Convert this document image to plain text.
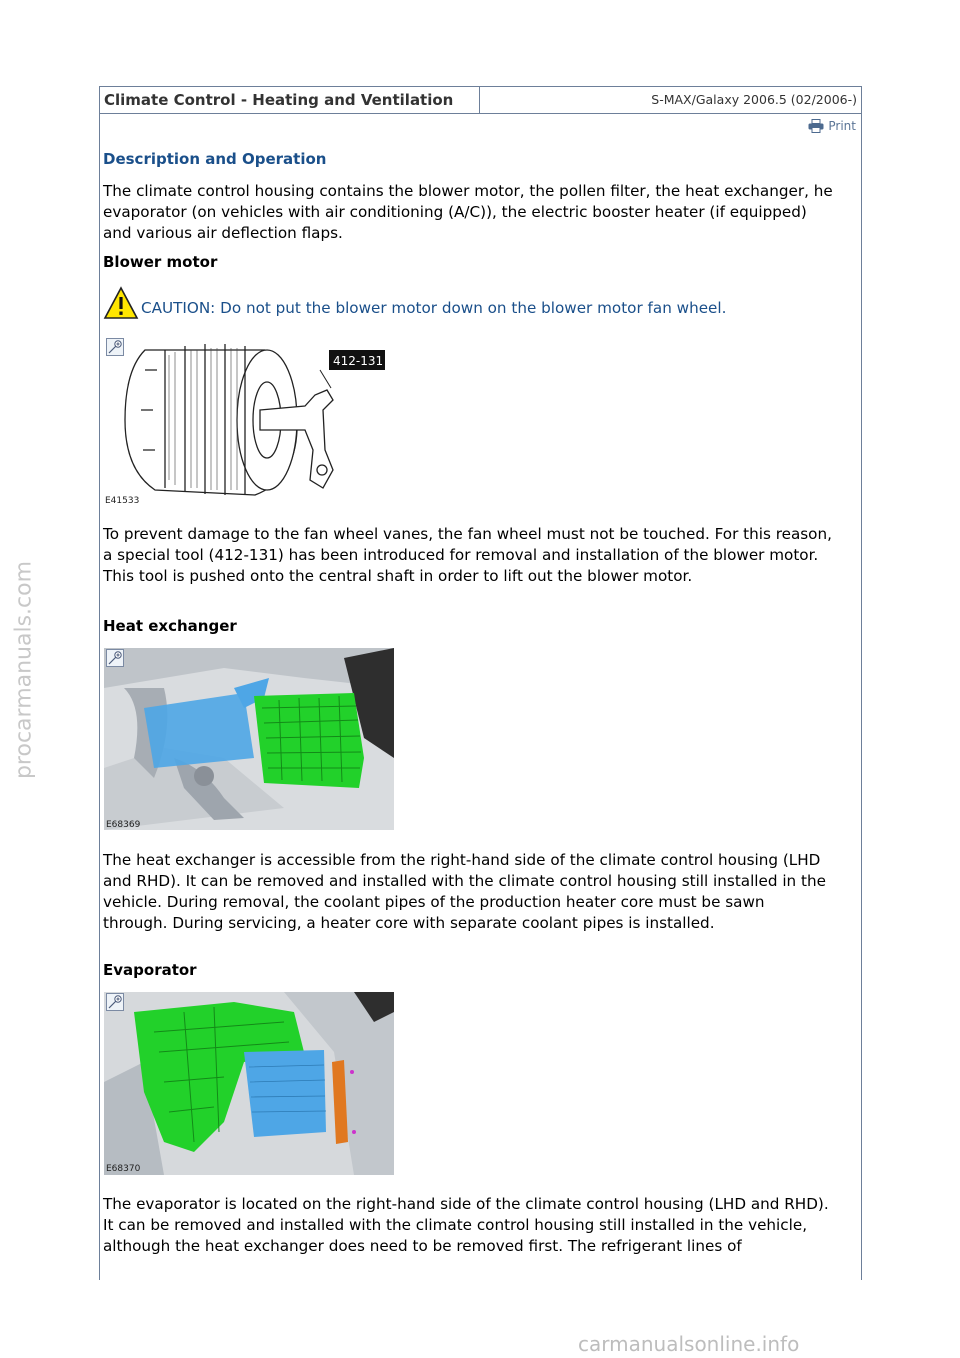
procarmanuals.com
Climate Control - Heating and Ventilation	S-MAX/Galaxy 2006.5 (02/2006-)
Print

Description and Operation

The climate control housing contains the blower motor, the pollen filter, the heat exchanger, he evaporator (on vehicles with air conditioning (A/C)), the electric booster heater (if equipped) and various air deflection flaps.

Blower motor

CAUTION: Do not put the blower motor down on the blower motor fan wheel.
412-131
E41533

To prevent damage to the fan wheel vanes, the fan wheel must not be touched. For this reason, a special tool (412-131) has been introduced for removal and installation of the blower motor. This tool is pushed onto the central shaft in order to lift out the blower motor.

Heat exchanger

E68369

The heat exchanger is accessible from the right-hand side of the climate control housing (LHD and RHD). It can be removed and installed with the climate control housing still installed in the vehicle. During removal, the coolant pipes of the production heater core must be sawn through. During servicing, a heater core with separate coolant pipes is installed.

Evaporator

E68370

The evaporator is located on the right-hand side of the climate control housing (LHD and RHD). It can be removed and installed with the climate control housing still installed in the vehicle, although the heat exchanger does need to be removed first. The refrigerant lines of

carmanualsonline.info
